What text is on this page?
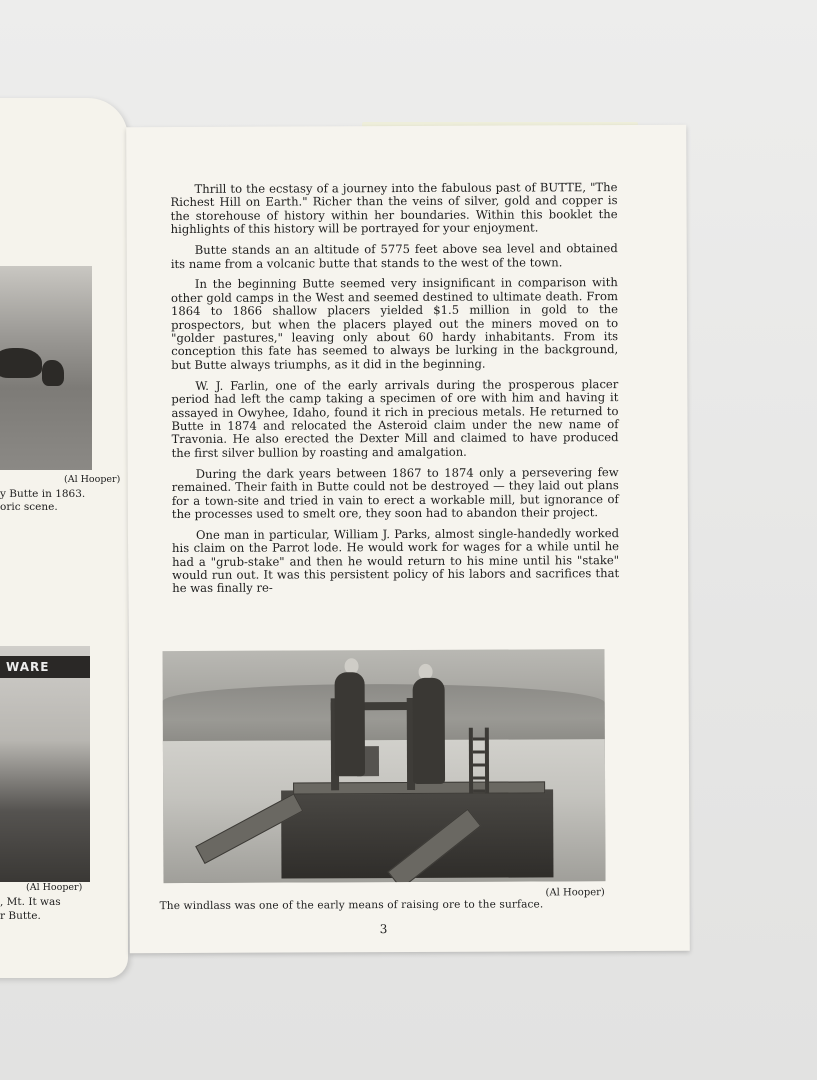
(Al Hooper)
y Butte in 1863.
oric scene.
WARE
(Al Hooper)
, Mt. It was
r Butte.

Thrill to the ecstasy of a journey into the fabulous past of BUTTE, "The Richest Hill on Earth." Richer than the veins of silver, gold and copper is the storehouse of history within her boundaries. Within this booklet the highlights of this history will be portrayed for your enjoyment.

Butte stands an an altitude of 5775 feet above sea level and obtained its name from a volcanic butte that stands to the west of the town.

In the beginning Butte seemed very insignificant in comparison with other gold camps in the West and seemed destined to ultimate death. From 1864 to 1866 shallow placers yielded $1.5 million in gold to the prospectors, but when the placers played out the miners moved on to "golder pastures," leaving only about 60 hardy inhabitants. From its conception this fate has seemed to always be lurking in the background, but Butte always triumphs, as it did in the beginning.

W. J. Farlin, one of the early arrivals during the prosperous placer period had left the camp taking a specimen of ore with him and having it assayed in Owyhee, Idaho, found it rich in precious metals. He returned to Butte in 1874 and relocated the Asteroid claim under the new name of Travonia. He also erected the Dexter Mill and claimed to have produced the first silver bullion by roasting and amalgation.

During the dark years between 1867 to 1874 only a persevering few remained. Their faith in Butte could not be destroyed — they laid out plans for a town-site and tried in vain to erect a workable mill, but ignorance of the processes used to smelt ore, they soon had to abandon their project.

One man in particular, William J. Parks, almost single-handedly worked his claim on the Parrot lode. He would work for wages for a while until he had a "grub-stake" and then he would return to his mine until his "stake" would run out. It was this persistent policy of his labors and sacrifices that he was finally re-

(Al Hooper)
The windlass was one of the early means of raising ore to the surface.
3
